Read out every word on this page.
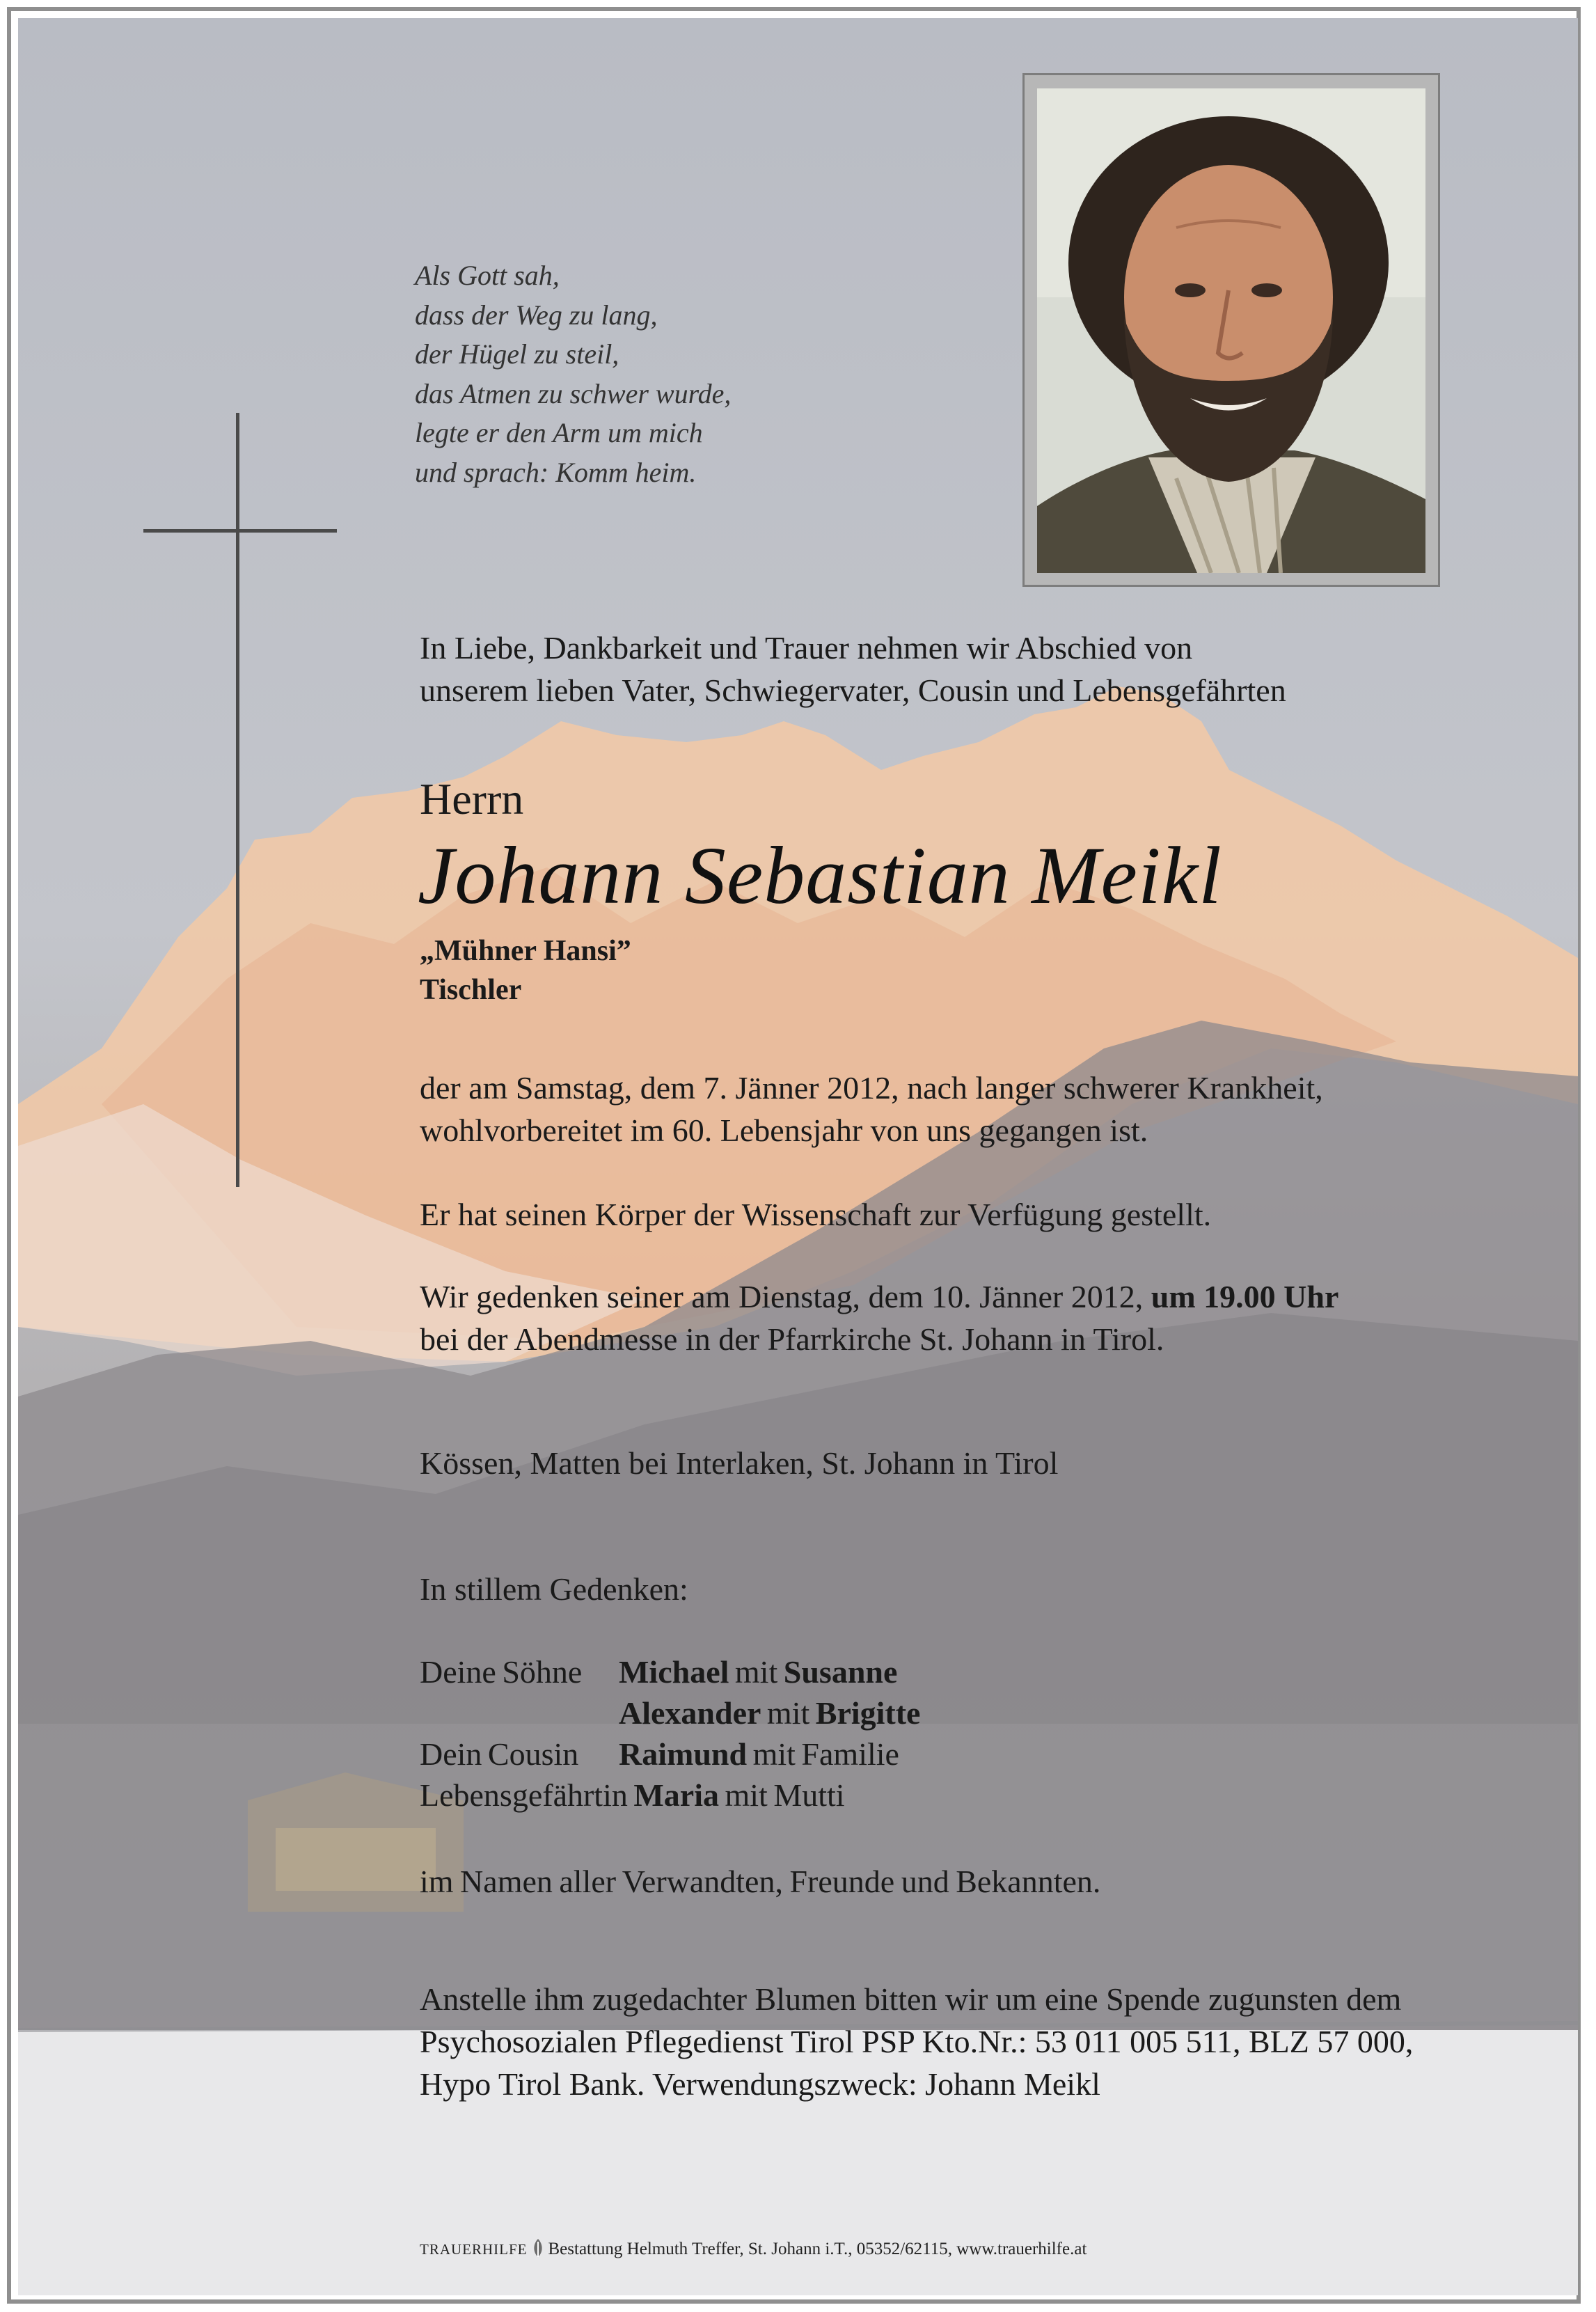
Als Gott sah,
dass der Weg zu lang,
der Hügel zu steil,
das Atmen zu schwer wurde,
legte er den Arm um mich
und sprach: Komm heim.
In Liebe, Dankbarkeit und Trauer nehmen wir Abschied von
unserem lieben Vater, Schwiegervater, Cousin und Lebensgefährten
Herrn
Johann Sebastian Meikl
„Mühner Hansi”
Tischler
der am Samstag, dem 7. Jänner 2012, nach langer schwerer Krankheit,
wohlvorbereitet im 60. Lebensjahr von uns gegangen ist.
Er hat seinen Körper der Wissenschaft zur Verfügung gestellt.
Wir gedenken seiner am Dienstag, dem 10. Jänner 2012, um 19.00 Uhr
bei der Abendmesse in der Pfarrkirche St. Johann in Tirol.
Kössen, Matten bei Interlaken, St. Johann in Tirol
In stillem Gedenken:
Deine Söhne Michael mit Susanne
Alexander mit Brigitte
Dein Cousin Raimund mit Familie
Lebensgefährtin Maria mit Mutti
im Namen aller Verwandten, Freunde und Bekannten.
Anstelle ihm zugedachter Blumen bitten wir um eine Spende zugunsten dem
Psychosozialen Pflegedienst Tirol PSP Kto.Nr.: 53 011 005 511, BLZ 57 000,
Hypo Tirol Bank. Verwendungszweck: Johann Meikl
TRAUERHILFE Bestattung Helmuth Treffer, St. Johann i.T., 05352/62115, www.trauerhilfe.at
